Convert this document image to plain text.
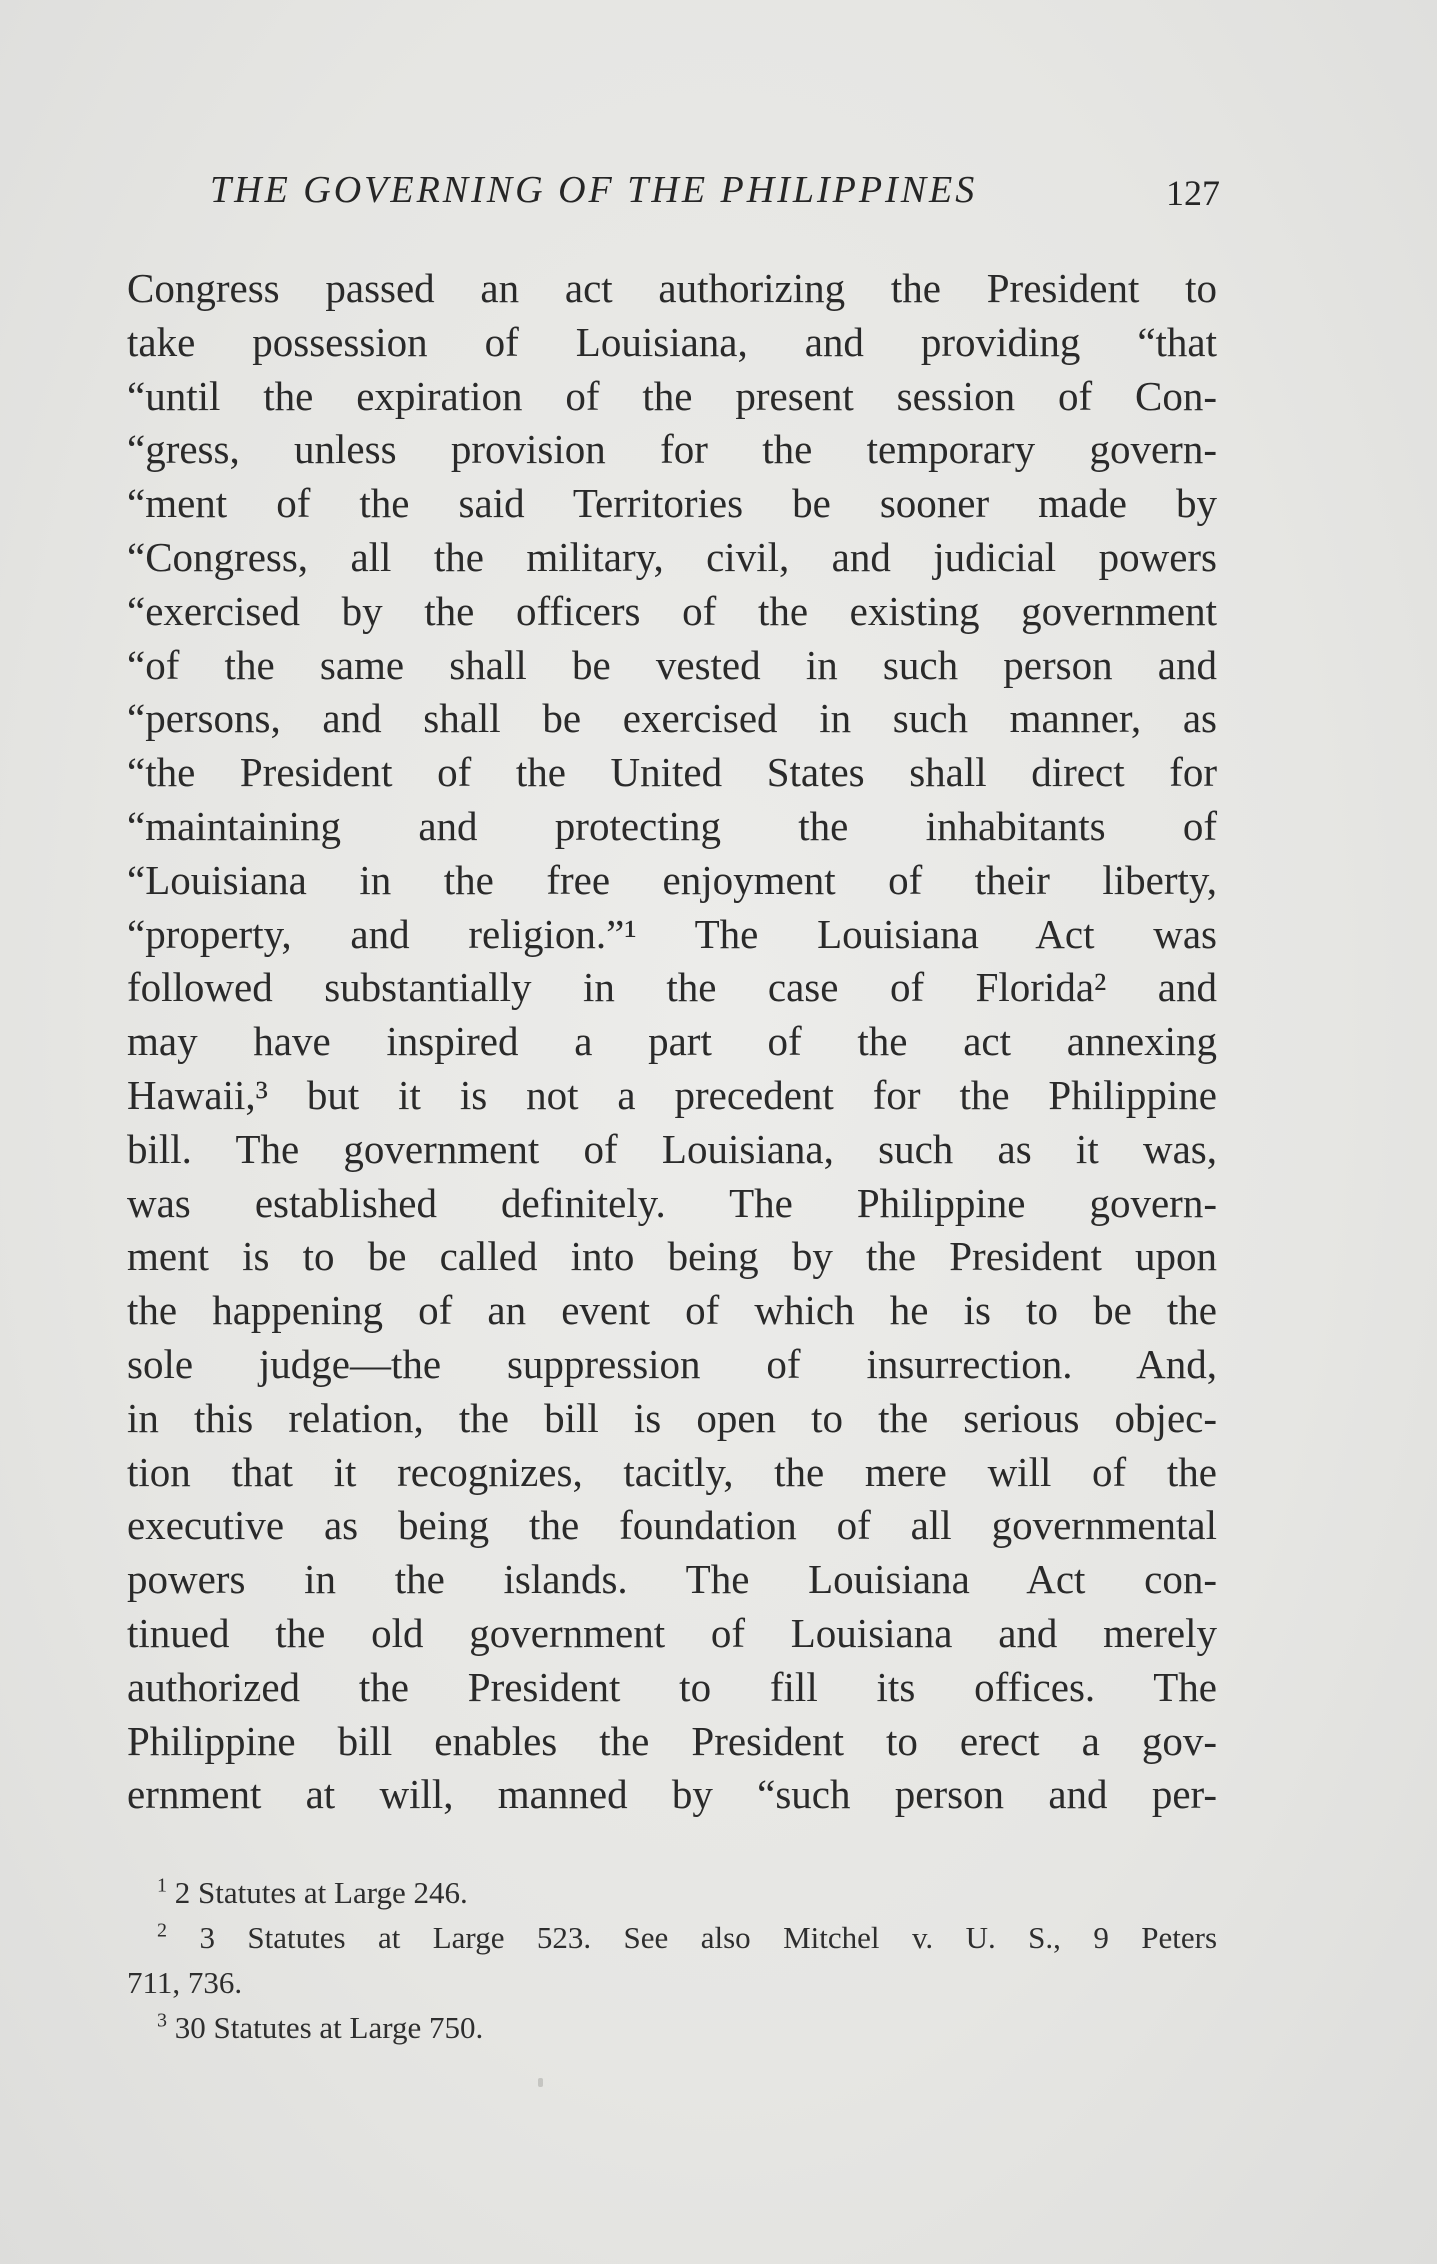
THE GOVERNING OF THE PHILIPPINES	127
Congress passed an act authorizing the President to
take possession of Louisiana, and providing “that
“until the expiration of the present session of Con-
“gress, unless provision for the temporary govern-
“ment of the said Territories be sooner made by
“Congress, all the military, civil, and judicial powers
“exercised by the officers of the existing government
“of the same shall be vested in such person and
“persons, and shall be exercised in such manner, as
“the President of the United States shall direct for
“maintaining and protecting the inhabitants of
“Louisiana in the free enjoyment of their liberty,
“property, and religion.”¹ The Louisiana Act was
followed substantially in the case of Florida² and
may have inspired a part of the act annexing
Hawaii,³ but it is not a precedent for the Philippine
bill. The government of Louisiana, such as it was,
was established definitely. The Philippine govern-
ment is to be called into being by the President upon
the happening of an event of which he is to be the
sole judge—the suppression of insurrection. And,
in this relation, the bill is open to the serious objec-
tion that it recognizes, tacitly, the mere will of the
executive as being the foundation of all governmental
powers in the islands. The Louisiana Act con-
tinued the old government of Louisiana and merely
authorized the President to fill its offices. The
Philippine bill enables the President to erect a gov-
ernment at will, manned by “such person and per-
$^1$ 2 Statutes at Large 246.
$^2$ 3 Statutes at Large 523. See also Mitchel v. U. S., 9 Peters
711, 736.
$^3$ 30 Statutes at Large 750.
